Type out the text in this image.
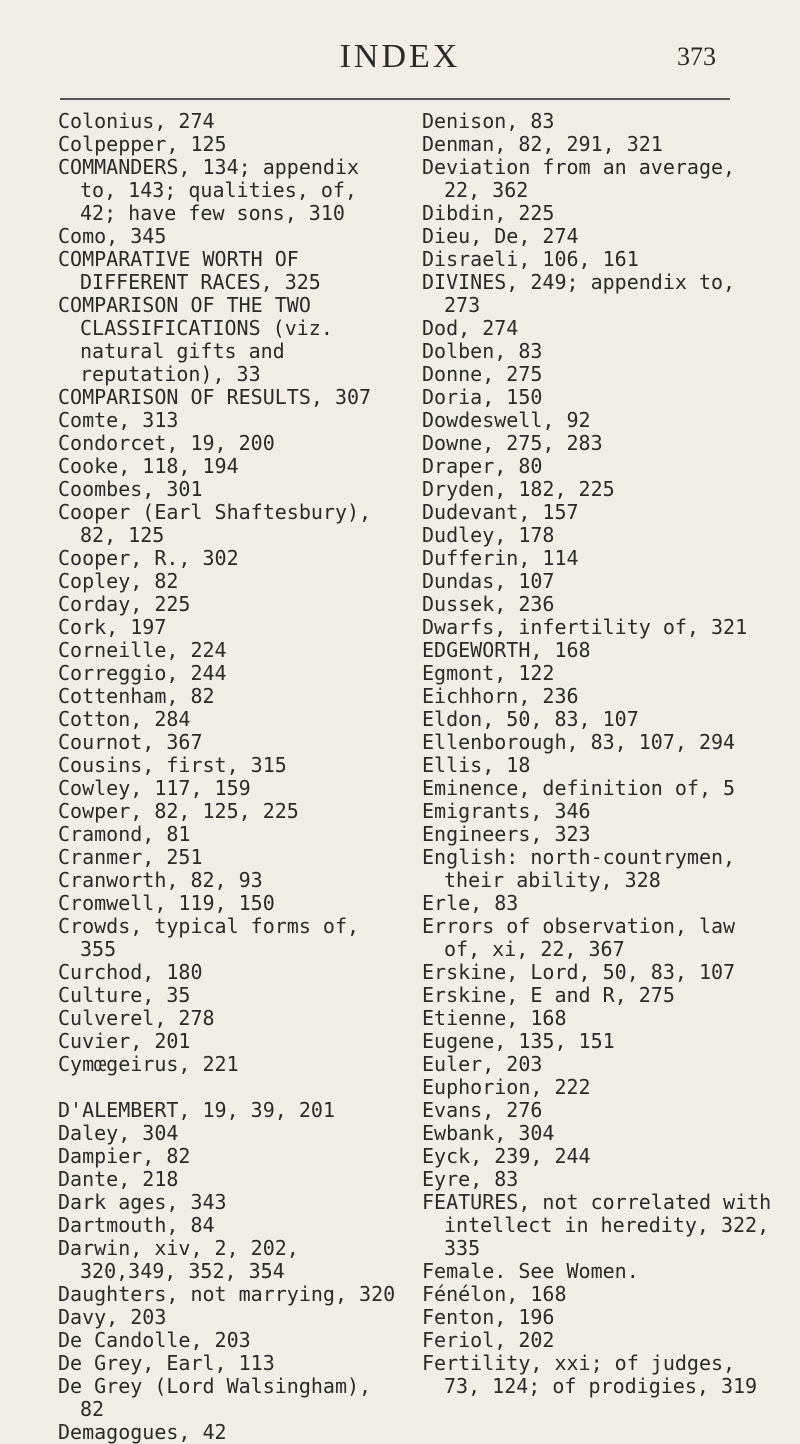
INDEX	373

Colonius, 274

Colpepper, 125

COMMANDERS, 134; appendix to, 143; qualities, of, 42; have few sons, 310

Como, 345

COMPARATIVE WORTH OF DIFFERENT RACES, 325

COMPARISON OF THE TWO CLASSIFICATIONS (viz. natural gifts and reputation), 33

COMPARISON OF RESULTS, 307

Comte, 313

Condorcet, 19, 200

Cooke, 118, 194

Coombes, 301

Cooper (Earl Shaftesbury), 82, 125

Cooper, R., 302

Copley, 82

Corday, 225

Cork, 197

Corneille, 224

Correggio, 244

Cottenham, 82

Cotton, 284

Cournot, 367

Cousins, first, 315

Cowley, 117, 159

Cowper, 82, 125, 225

Cramond, 81

Cranmer, 251

Cranworth, 82, 93

Cromwell, 119, 150

Crowds, typical forms of, 355

Curchod, 180

Culture, 35

Culverel, 278

Cuvier, 201

Cymœgeirus, 221

D'ALEMBERT, 19, 39, 201

Daley, 304

Dampier, 82

Dante, 218

Dark ages, 343

Dartmouth, 84

Darwin, xiv, 2, 202, 320,349, 352, 354

Daughters, not marrying, 320

Davy, 203

De Candolle, 203

De Grey, Earl, 113

De Grey (Lord Walsingham), 82

Demagogues, 42

Denison, 83

Denman, 82, 291, 321

Deviation from an average, 22, 362

Dibdin, 225

Dieu, De, 274

Disraeli, 106, 161

DIVINES, 249; appendix to, 273

Dod, 274

Dolben, 83

Donne, 275

Doria, 150

Dowdeswell, 92

Downe, 275, 283

Draper, 80

Dryden, 182, 225

Dudevant, 157

Dudley, 178

Dufferin, 114

Dundas, 107

Dussek, 236

Dwarfs, infertility of, 321

EDGEWORTH, 168

Egmont, 122

Eichhorn, 236

Eldon, 50, 83, 107

Ellenborough, 83, 107, 294

Ellis, 18

Eminence, definition of, 5

Emigrants, 346

Engineers, 323

English: north-countrymen, their ability, 328

Erle, 83

Errors of observation, law of, xi, 22, 367

Erskine, Lord, 50, 83, 107

Erskine, E and R, 275

Etienne, 168

Eugene, 135, 151

Euler, 203

Euphorion, 222

Evans, 276

Ewbank, 304

Eyck, 239, 244

Eyre, 83

FEATURES, not correlated with intellect in heredity, 322, 335

Female. See Women.

Fénélon, 168

Fenton, 196

Feriol, 202

Fertility, xxi; of judges, 73, 124; of prodigies, 319
